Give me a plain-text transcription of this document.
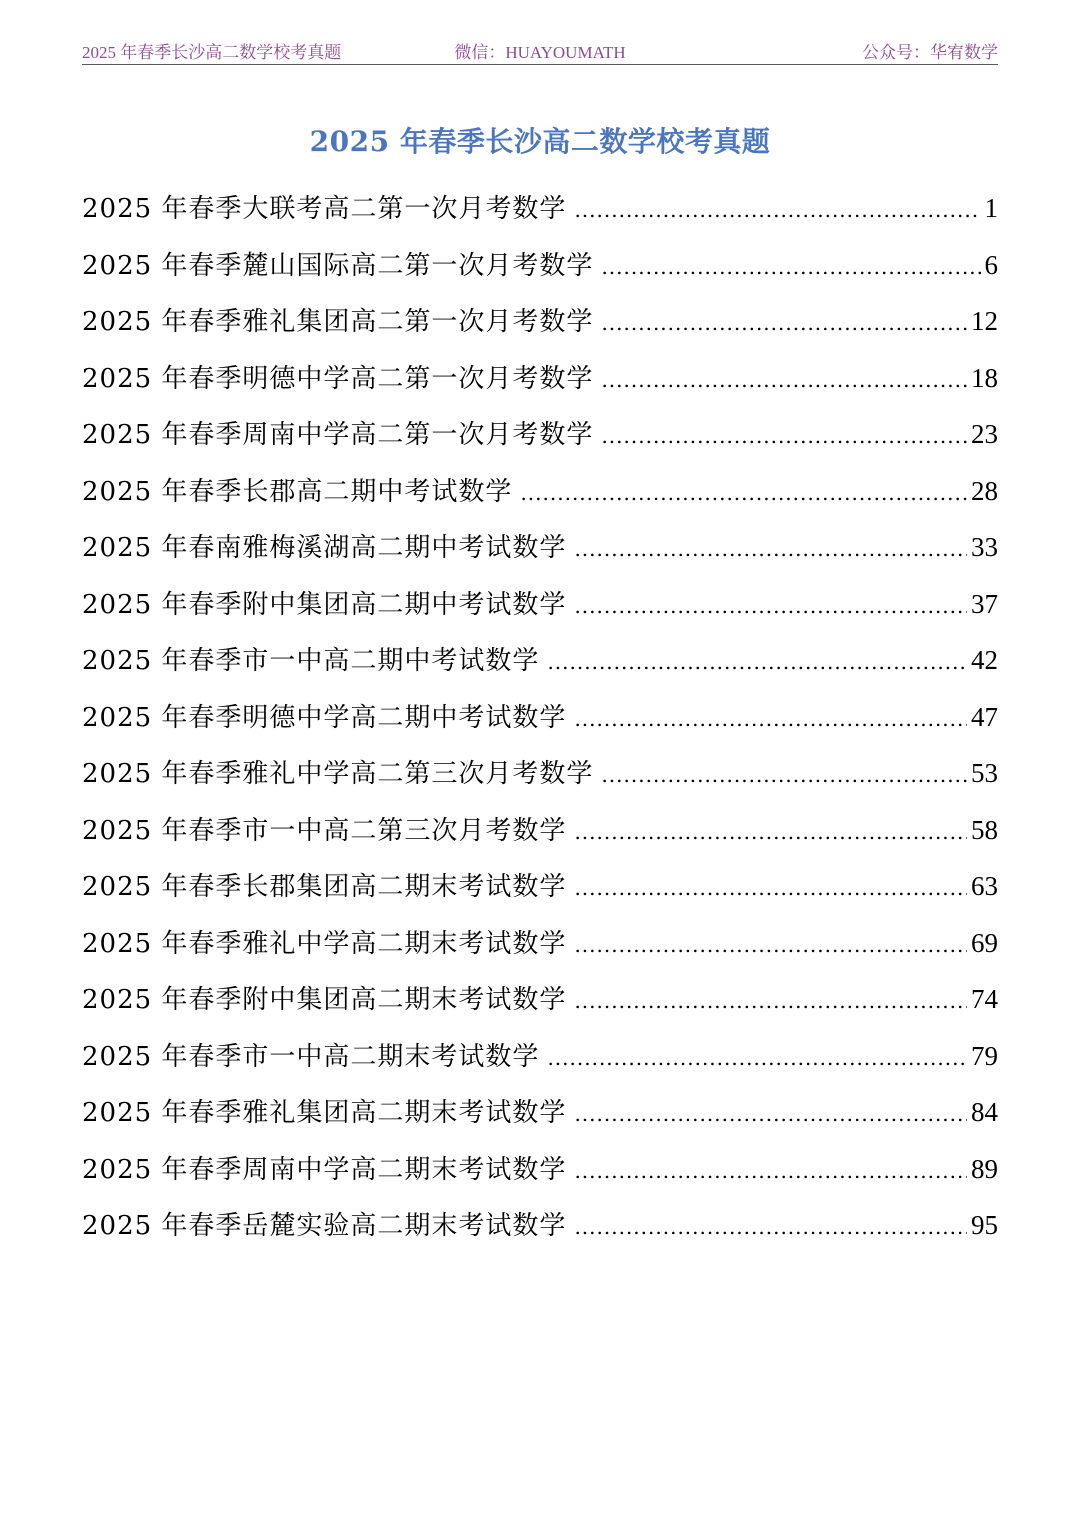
2025 年春季长沙高二数学校考真题	微信：HUAYOUMATH	公众号：华宥数学
2025 年春季长沙高二数学校考真题
2025 年春季大联考高二第一次月考数学 .....	1
2025 年春季麓山国际高二第一次月考数学 .....	6
2025 年春季雅礼集团高二第一次月考数学 .....	12
2025 年春季明德中学高二第一次月考数学 .....	18
2025 年春季周南中学高二第一次月考数学 .....	23
2025 年春季长郡高二期中考试数学 .....	28
2025 年春南雅梅溪湖高二期中考试数学 .....	33
2025 年春季附中集团高二期中考试数学 .....	37
2025 年春季市一中高二期中考试数学 .....	42
2025 年春季明德中学高二期中考试数学 .....	47
2025 年春季雅礼中学高二第三次月考数学 .....	53
2025 年春季市一中高二第三次月考数学 .....	58
2025 年春季长郡集团高二期末考试数学 .....	63
2025 年春季雅礼中学高二期末考试数学 .....	69
2025 年春季附中集团高二期末考试数学 .....	74
2025 年春季市一中高二期末考试数学 .....	79
2025 年春季雅礼集团高二期末考试数学 .....	84
2025 年春季周南中学高二期末考试数学 .....	89
2025 年春季岳麓实验高二期末考试数学 .....	95
